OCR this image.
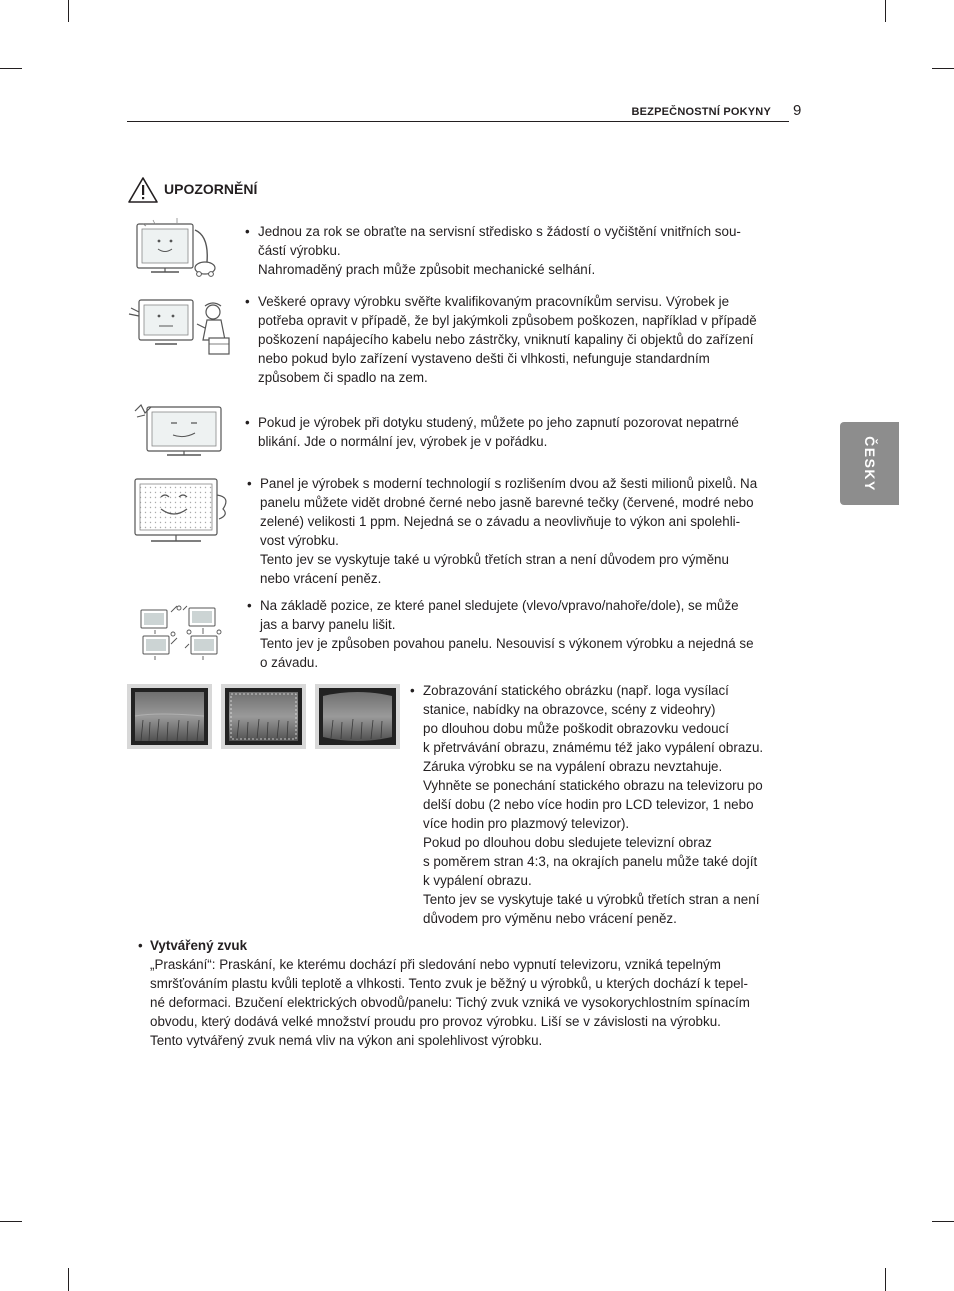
BEZPEČNOSTNÍ POKYNY 9
ČESKY
UPOZORNĚNÍ
• Jednou za rok se obraťte na servisní středisko s žádostí o vyčištění vnitřních sou-

částí výrobku.

Nahromaděný prach může způsobit mechanické selhání.

• Veškeré opravy výrobku svěřte kvalifikovaným pracovníkům servisu. Výrobek je

potřeba opravit v případě, že byl jakýmkoli způsobem poškozen, například v případě

poškození napájecího kabelu nebo zástrčky, vniknutí kapaliny či objektů do zařízení

nebo pokud bylo zařízení vystaveno dešti či vlhkosti, nefunguje standardním

způsobem či spadlo na zem.

• Pokud je výrobek při dotyku studený, můžete po jeho zapnutí pozorovat nepatrné

blikání. Jde o normální jev, výrobek je v pořádku.

• Panel je výrobek s moderní technologií s rozlišením dvou až šesti milionů pixelů. Na

panelu můžete vidět drobné černé nebo jasně barevné tečky (červené, modré nebo

zelené) velikosti 1 ppm. Nejedná se o závadu a neovlivňuje to výkon ani spolehli-

vost výrobku.

Tento jev se vyskytuje také u výrobků třetích stran a není důvodem pro výměnu

nebo vrácení peněz.

• Na základě pozice, ze které panel sledujete (vlevo/vpravo/nahoře/dole), se může

jas a barvy panelu lišit.

Tento jev je způsoben povahou panelu. Nesouvisí s výkonem výrobku a nejedná se

o závadu.

• Zobrazování statického obrázku (např. loga vysílací

stanice, nabídky na obrazovce, scény z videohry)

po dlouhou dobu může poškodit obrazovku vedoucí

k přetrvávání obrazu, známému též jako vypálení obrazu.

Záruka výrobku se na vypálení obrazu nevztahuje.

Vyhněte se ponechání statického obrazu na televizoru po

delší dobu (2 nebo více hodin pro LCD televizor, 1 nebo

více hodin pro plazmový televizor).

Pokud po dlouhou dobu sledujete televizní obraz

s poměrem stran 4:3, na okrajích panelu může také dojít

k vypálení obrazu.

Tento jev se vyskytuje také u výrobků třetích stran a není

důvodem pro výměnu nebo vrácení peněz.

• Vytvářený zvuk

„Praskání“: Praskání, ke kterému dochází při sledování nebo vypnutí televizoru, vzniká tepelným

smršťováním plastu kvůli teplotě a vlhkosti. Tento zvuk je běžný u výrobků, u kterých dochází k tepel-

né deformaci. Bzučení elektrických obvodů/panelu: Tichý zvuk vzniká ve vysokorychlostním spínacím

obvodu, který dodává velké množství proudu pro provoz výrobku. Liší se v závislosti na výrobku.

Tento vytvářený zvuk nemá vliv na výkon ani spolehlivost výrobku.
